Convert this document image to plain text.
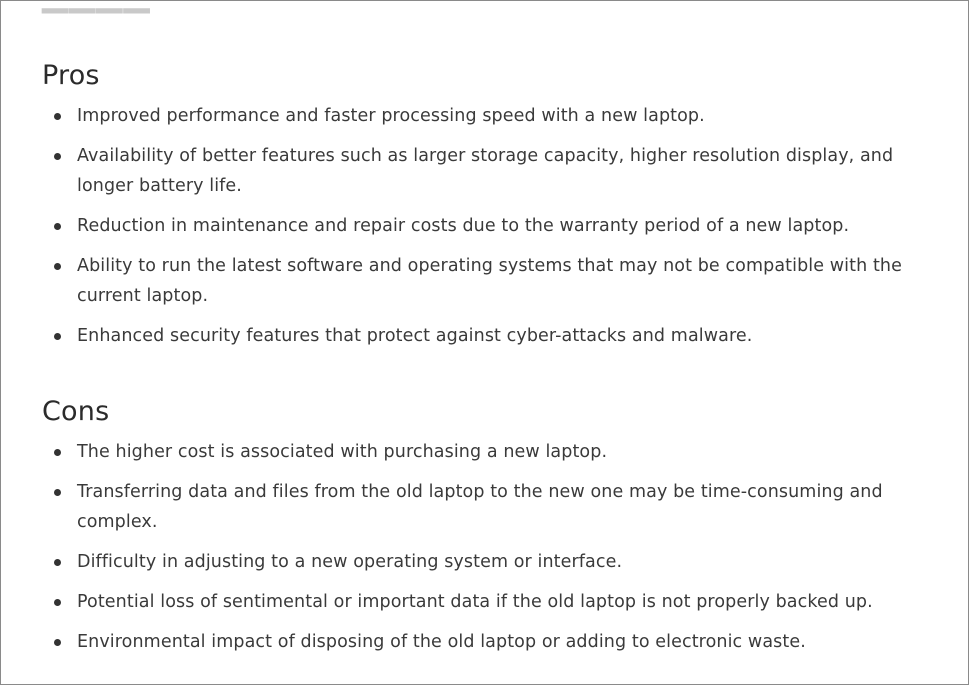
Pros
Improved performance and faster processing speed with a new laptop.
Availability of better features such as larger storage capacity, higher resolution display, and longer battery life.
Reduction in maintenance and repair costs due to the warranty period of a new laptop.
Ability to run the latest software and operating systems that may not be compatible with the current laptop.
Enhanced security features that protect against cyber-attacks and malware.
Cons
The higher cost is associated with purchasing a new laptop.
Transferring data and files from the old laptop to the new one may be time-consuming and complex.
Difficulty in adjusting to a new operating system or interface.
Potential loss of sentimental or important data if the old laptop is not properly backed up.
Environmental impact of disposing of the old laptop or adding to electronic waste.
